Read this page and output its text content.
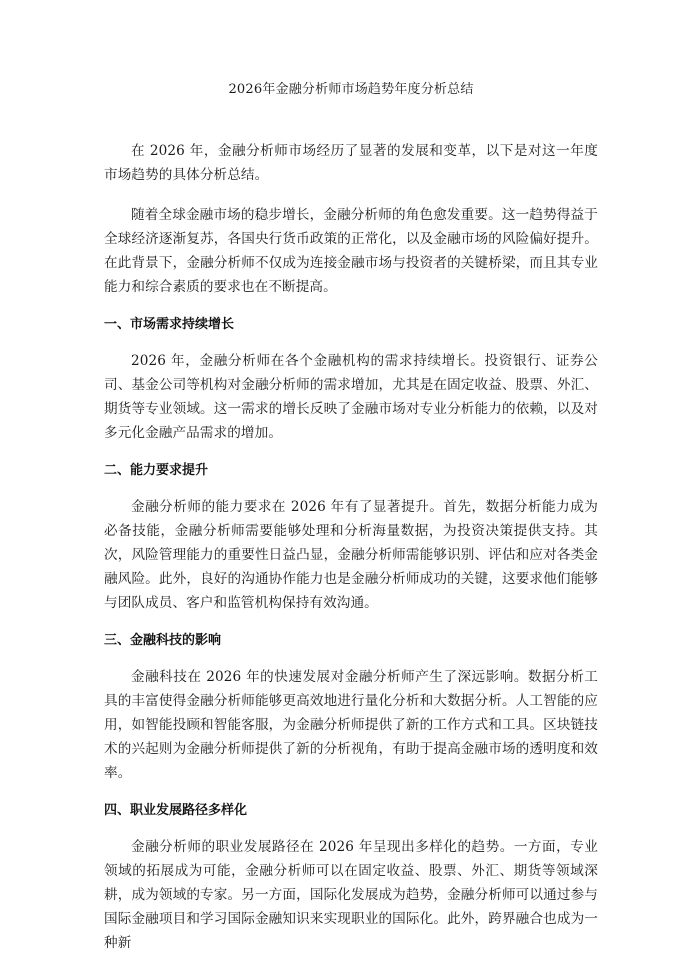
2026年金融分析师市场趋势年度分析总结

在 2026 年，金融分析师市场经历了显著的发展和变革，以下是对这一年度市场趋势的具体分析总结。

随着全球金融市场的稳步增长，金融分析师的角色愈发重要。这一趋势得益于全球经济逐渐复苏，各国央行货币政策的正常化，以及金融市场的风险偏好提升。在此背景下，金融分析师不仅成为连接金融市场与投资者的关键桥梁，而且其专业能力和综合素质的要求也在不断提高。

一、市场需求持续增长

2026 年，金融分析师在各个金融机构的需求持续增长。投资银行、证券公司、基金公司等机构对金融分析师的需求增加，尤其是在固定收益、股票、外汇、期货等专业领域。这一需求的增长反映了金融市场对专业分析能力的依赖，以及对多元化金融产品需求的增加。

二、能力要求提升

金融分析师的能力要求在 2026 年有了显著提升。首先，数据分析能力成为必备技能，金融分析师需要能够处理和分析海量数据，为投资决策提供支持。其次，风险管理能力的重要性日益凸显，金融分析师需能够识别、评估和应对各类金融风险。此外，良好的沟通协作能力也是金融分析师成功的关键，这要求他们能够与团队成员、客户和监管机构保持有效沟通。

三、金融科技的影响

金融科技在 2026 年的快速发展对金融分析师产生了深远影响。数据分析工具的丰富使得金融分析师能够更高效地进行量化分析和大数据分析。人工智能的应用，如智能投顾和智能客服，为金融分析师提供了新的工作方式和工具。区块链技术的兴起则为金融分析师提供了新的分析视角，有助于提高金融市场的透明度和效率。

四、职业发展路径多样化

金融分析师的职业发展路径在 2026 年呈现出多样化的趋势。一方面，专业领域的拓展成为可能，金融分析师可以在固定收益、股票、外汇、期货等领域深耕，成为领域的专家。另一方面，国际化发展成为趋势，金融分析师可以通过参与国际金融项目和学习国际金融知识来实现职业的国际化。此外，跨界融合也成为一种新
